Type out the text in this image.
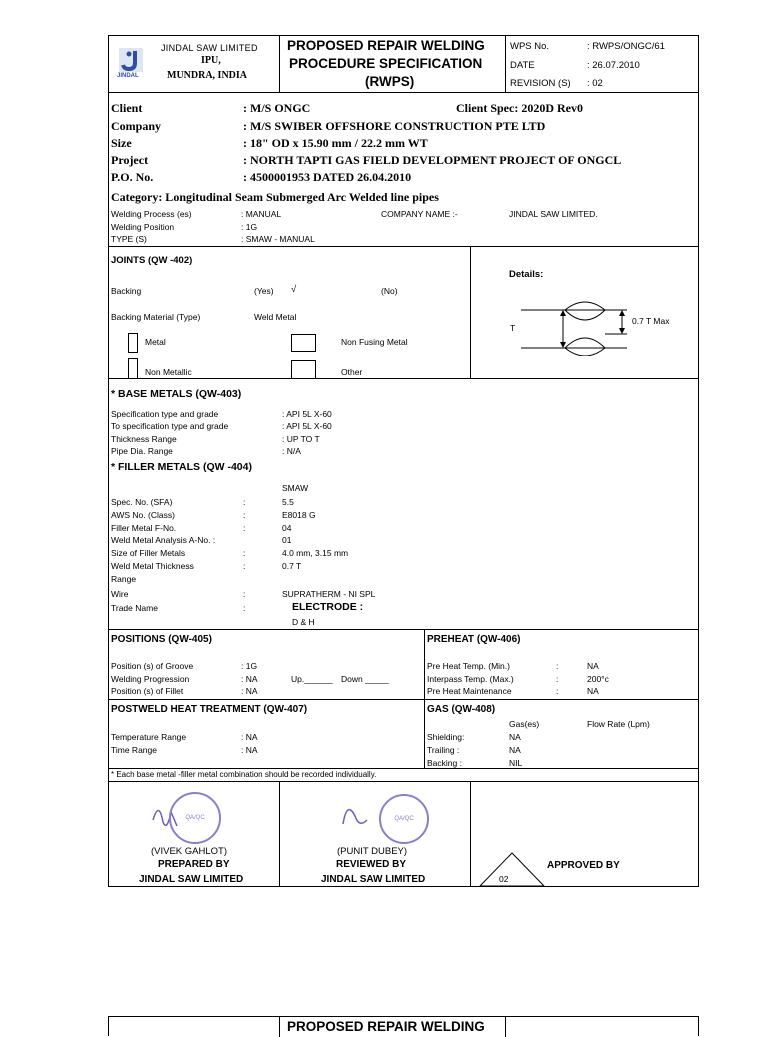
JINDAL
JINDAL SAW LIMITED
IPU,
MUNDRA, INDIA
PROPOSED REPAIR WELDING
PROCEDURE SPECIFICATION
(RWPS)
WPS No.	: RWPS/ONGC/61
DATE	: 26.07.2010
REVISION (S) : 02
Client	: M/S ONGC	Client Spec: 2020D Rev0
Company	: M/S SWIBER OFFSHORE CONSTRUCTION PTE LTD
Size	: 18" OD x 15.90 mm / 22.2 mm WT
Project	: NORTH TAPTI GAS FIELD DEVELOPMENT PROJECT OF ONGCL
P.O. No.	: 4500001953 DATED 26.04.2010
Category: Longitudinal Seam Submerged Arc Welded line pipes
Welding Process (es)	: MANUAL	COMPANY NAME :-	JINDAL SAW LIMITED.
Welding Position	: 1G
TYPE (S)	: SMAW - MANUAL
JOINTS (QW -402)
Details:
Backing	(Yes) √	(No)
Backing Material (Type)	Weld Metal
Metal	Non Fusing Metal
Non Metallic	Other
T
0.7 T Max
* BASE METALS (QW-403)
Specification type and grade	: API 5L X-60
To specification type and grade	: API 5L X-60
Thickness Range	: UP TO T
Pipe Dia. Range	: N/A
* FILLER METALS (QW -404)
SMAW
Spec. No. (SFA)	:	5.5
AWS No. (Class)	:	E8018 G
Filler Metal F-No.	:	04
Weld Metal Analysis A-No. :	01
Size of Filler Metals	:	4.0 mm, 3.15 mm
Weld Metal Thickness	:	0.7 T
Range
Wire	:	SUPRATHERM - NI SPL
Trade Name	:	ELECTRODE :
D & H
POSITIONS (QW-405)
Position (s) of Groove	: 1G
Welding Progression	: NA	Up.______ Down _____
Position (s) of Fillet	: NA
PREHEAT (QW-406)
Pre Heat Temp. (Min.)	:	NA
Interpass Temp. (Max.)	:	200°c
Pre Heat Maintenance	:	NA
POSTWELD HEAT TREATMENT (QW-407)
Temperature Range	: NA
Time Range	: NA
GAS (QW-408)
Gas(es)	Flow Rate (Lpm)
Shielding:	NA
Trailing :	NA
Backing :	NIL
* Each base metal -filler metal combination should be recorded individually.
QA/QC
(VIVEK GAHLOT)
PREPARED BY
JINDAL SAW LIMITED
QA/QC
(PUNIT DUBEY)
REVIEWED BY
JINDAL SAW LIMITED	02
APPROVED BY
PROPOSED REPAIR WELDING
